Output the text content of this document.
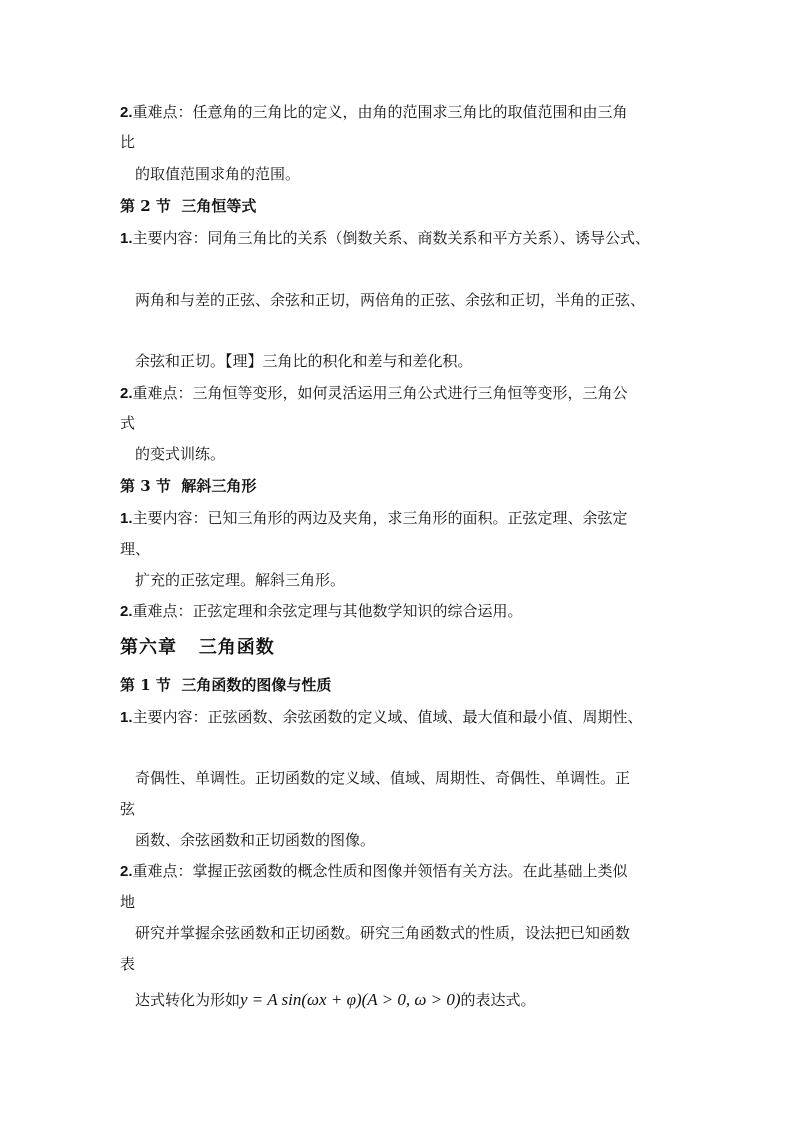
2.重难点：任意角的三角比的定义，由角的范围求三角比的取值范围和由三角
比
的取值范围求角的范围。
第 2 节 三角恒等式
1.主要内容：同角三角比的关系（倒数关系、商数关系和平方关系）、诱导公式、
两角和与差的正弦、余弦和正切，两倍角的正弦、余弦和正切，半角的正弦、
余弦和正切。【理】三角比的积化和差与和差化积。
2.重难点：三角恒等变形，如何灵活运用三角公式进行三角恒等变形，三角公
式
的变式训练。
第 3 节 解斜三角形
1.主要内容：已知三角形的两边及夹角，求三角形的面积。正弦定理、余弦定
理、
扩充的正弦定理。解斜三角形。
2.重难点：正弦定理和余弦定理与其他数学知识的综合运用。
第六章 三角函数
第 1 节 三角函数的图像与性质
1.主要内容：正弦函数、余弦函数的定义域、值域、最大值和最小值、周期性、
奇偶性、单调性。正切函数的定义域、值域、周期性、奇偶性、单调性。正
弦
函数、余弦函数和正切函数的图像。
2.重难点：掌握正弦函数的概念性质和图像并领悟有关方法。在此基础上类似
地
研究并掌握余弦函数和正切函数。研究三角函数式的性质，设法把已知函数
表
达式转化为形如y = A sin(ωx + φ)(A > 0, ω > 0)的表达式。
